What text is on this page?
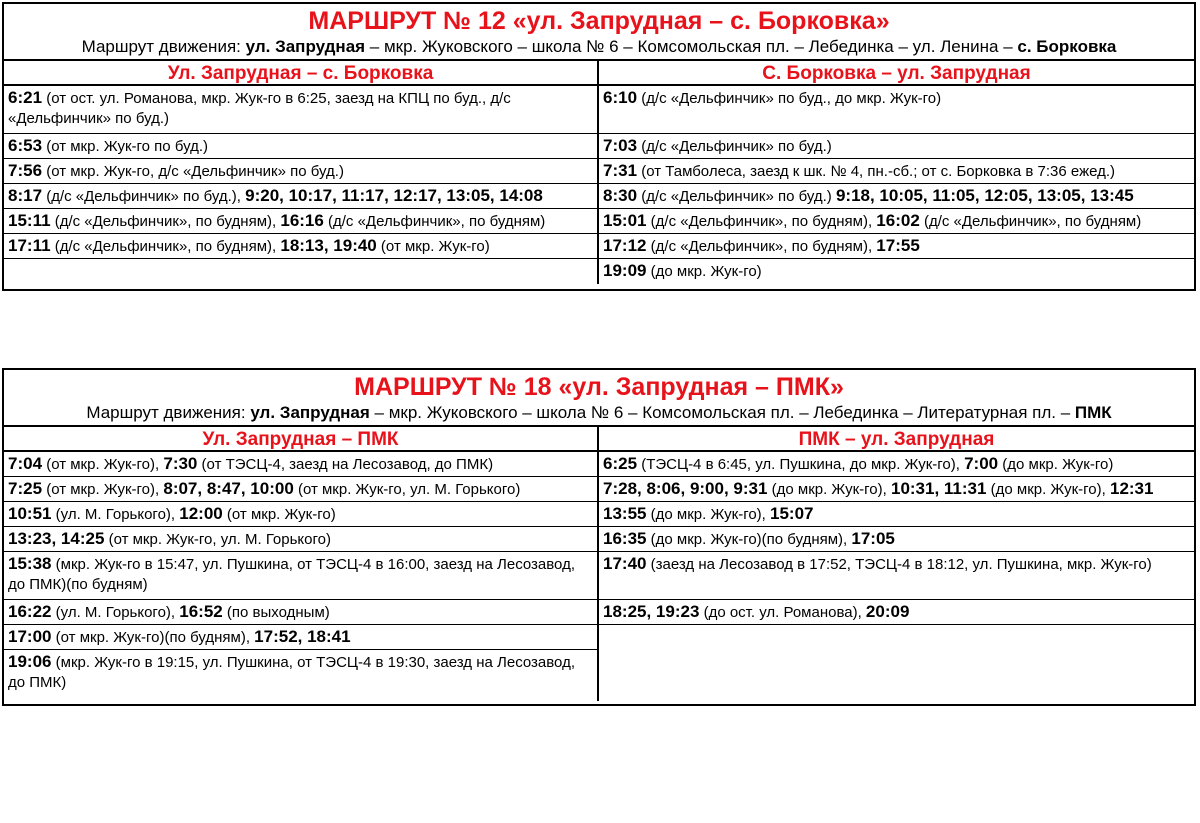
МАРШРУТ № 12 «ул. Запрудная – с. Борковка»
Маршрут движения: ул. Запрудная – мкр. Жуковского – школа № 6 – Комсомольская пл. – Лебединка – ул. Ленина – с. Борковка
Ул. Запрудная – с. Борковка
6:21 (от ост. ул. Романова, мкр. Жук-го в 6:25, заезд на КПЦ по буд., д/с «Дельфинчик» по буд.)
6:53 (от мкр. Жук-го по буд.)
7:56 (от мкр. Жук-го, д/с «Дельфинчик» по буд.)
8:17 (д/с «Дельфинчик» по буд.), 9:20, 10:17, 11:17, 12:17, 13:05, 14:08
15:11 (д/с «Дельфинчик», по будням), 16:16 (д/с «Дельфинчик», по будням)
17:11 (д/с «Дельфинчик», по будням), 18:13, 19:40 (от мкр. Жук-го)
С. Борковка – ул. Запрудная
6:10 (д/с «Дельфинчик» по буд., до мкр. Жук-го)
7:03 (д/с «Дельфинчик» по буд.)
7:31 (от Тамболеса, заезд к шк. № 4, пн.-сб.; от с. Борковка в 7:36 ежед.)
8:30 (д/с «Дельфинчик» по буд.) 9:18, 10:05, 11:05, 12:05, 13:05, 13:45
15:01 (д/с «Дельфинчик», по будням), 16:02 (д/с «Дельфинчик», по будням)
17:12 (д/с «Дельфинчик», по будням), 17:55
19:09 (до мкр. Жук-го)
МАРШРУТ № 18 «ул. Запрудная – ПМК»
Маршрут движения: ул. Запрудная – мкр. Жуковского – школа № 6 – Комсомольская пл. – Лебединка – Литературная пл. – ПМК
Ул. Запрудная – ПМК
7:04 (от мкр. Жук-го), 7:30 (от ТЭСЦ-4, заезд на Лесозавод, до ПМК)
7:25 (от мкр. Жук-го), 8:07, 8:47, 10:00 (от мкр. Жук-го, ул. М. Горького)
10:51 (ул. М. Горького), 12:00 (от мкр. Жук-го)
13:23, 14:25 (от мкр. Жук-го, ул. М. Горького)
15:38 (мкр. Жук-го в 15:47, ул. Пушкина, от ТЭСЦ-4 в 16:00, заезд на Лесозавод, до ПМК)(по будням)
16:22 (ул. М. Горького), 16:52 (по выходным)
17:00 (от мкр. Жук-го)(по будням), 17:52, 18:41
19:06 (мкр. Жук-го в 19:15, ул. Пушкина, от ТЭСЦ-4 в 19:30, заезд на Лесозавод, до ПМК)
ПМК – ул. Запрудная
6:25 (ТЭСЦ-4 в 6:45, ул. Пушкина, до мкр. Жук-го), 7:00 (до мкр. Жук-го)
7:28, 8:06, 9:00, 9:31 (до мкр. Жук-го), 10:31, 11:31 (до мкр. Жук-го), 12:31
13:55 (до мкр. Жук-го), 15:07
16:35 (до мкр. Жук-го)(по будням), 17:05
17:40 (заезд на Лесозавод в 17:52, ТЭСЦ-4 в 18:12, ул. Пушкина, мкр. Жук-го)
18:25, 19:23 (до ост. ул. Романова), 20:09
